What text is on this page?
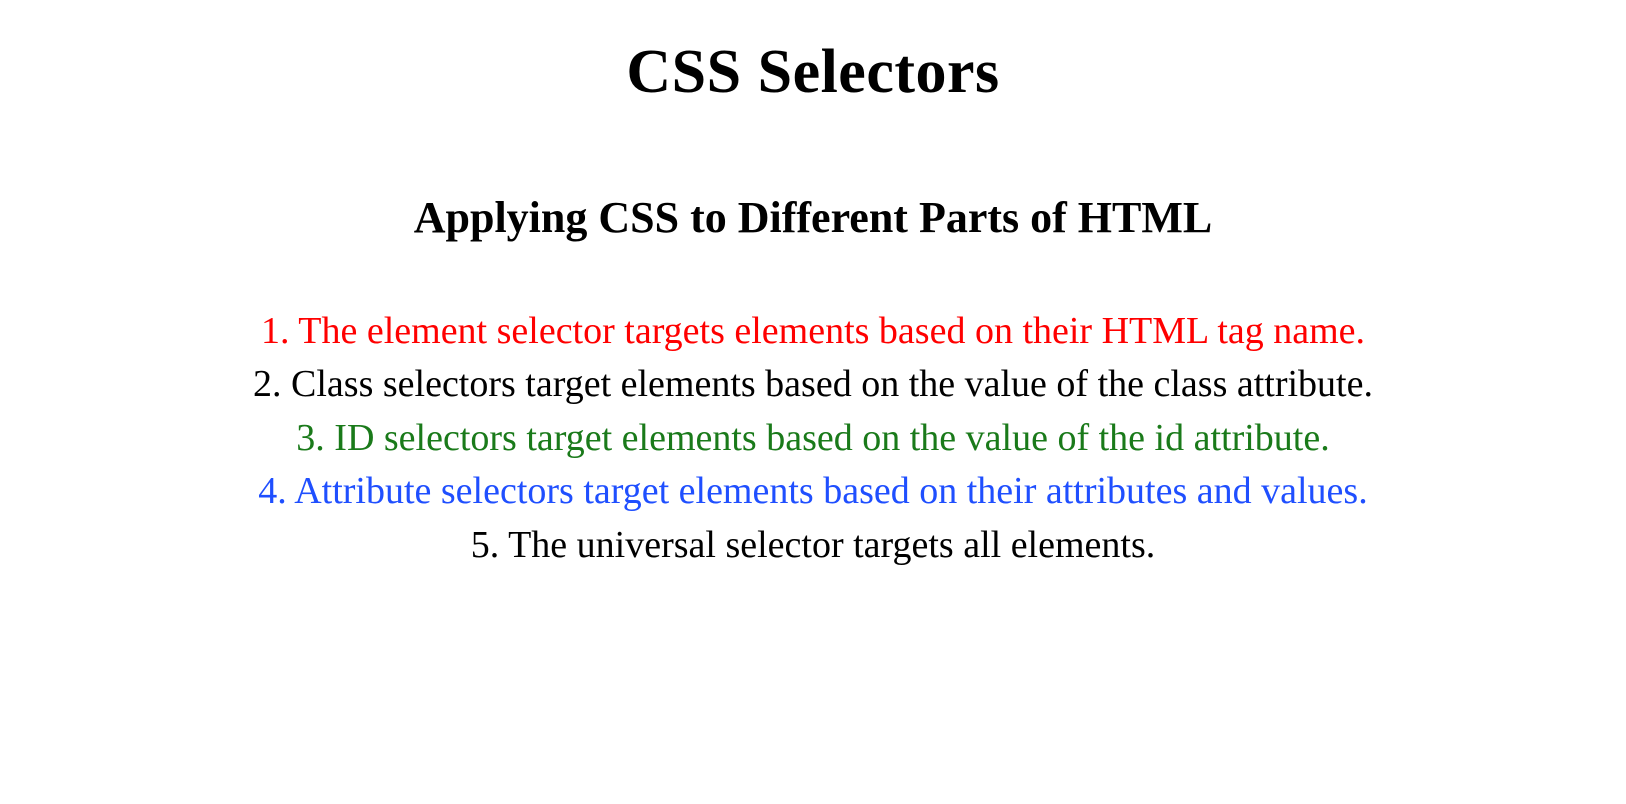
CSS Selectors
Applying CSS to Different Parts of HTML
1. The element selector targets elements based on their HTML tag name.
2. Class selectors target elements based on the value of the class attribute.
3. ID selectors target elements based on the value of the id attribute.
4. Attribute selectors target elements based on their attributes and values.
5. The universal selector targets all elements.
